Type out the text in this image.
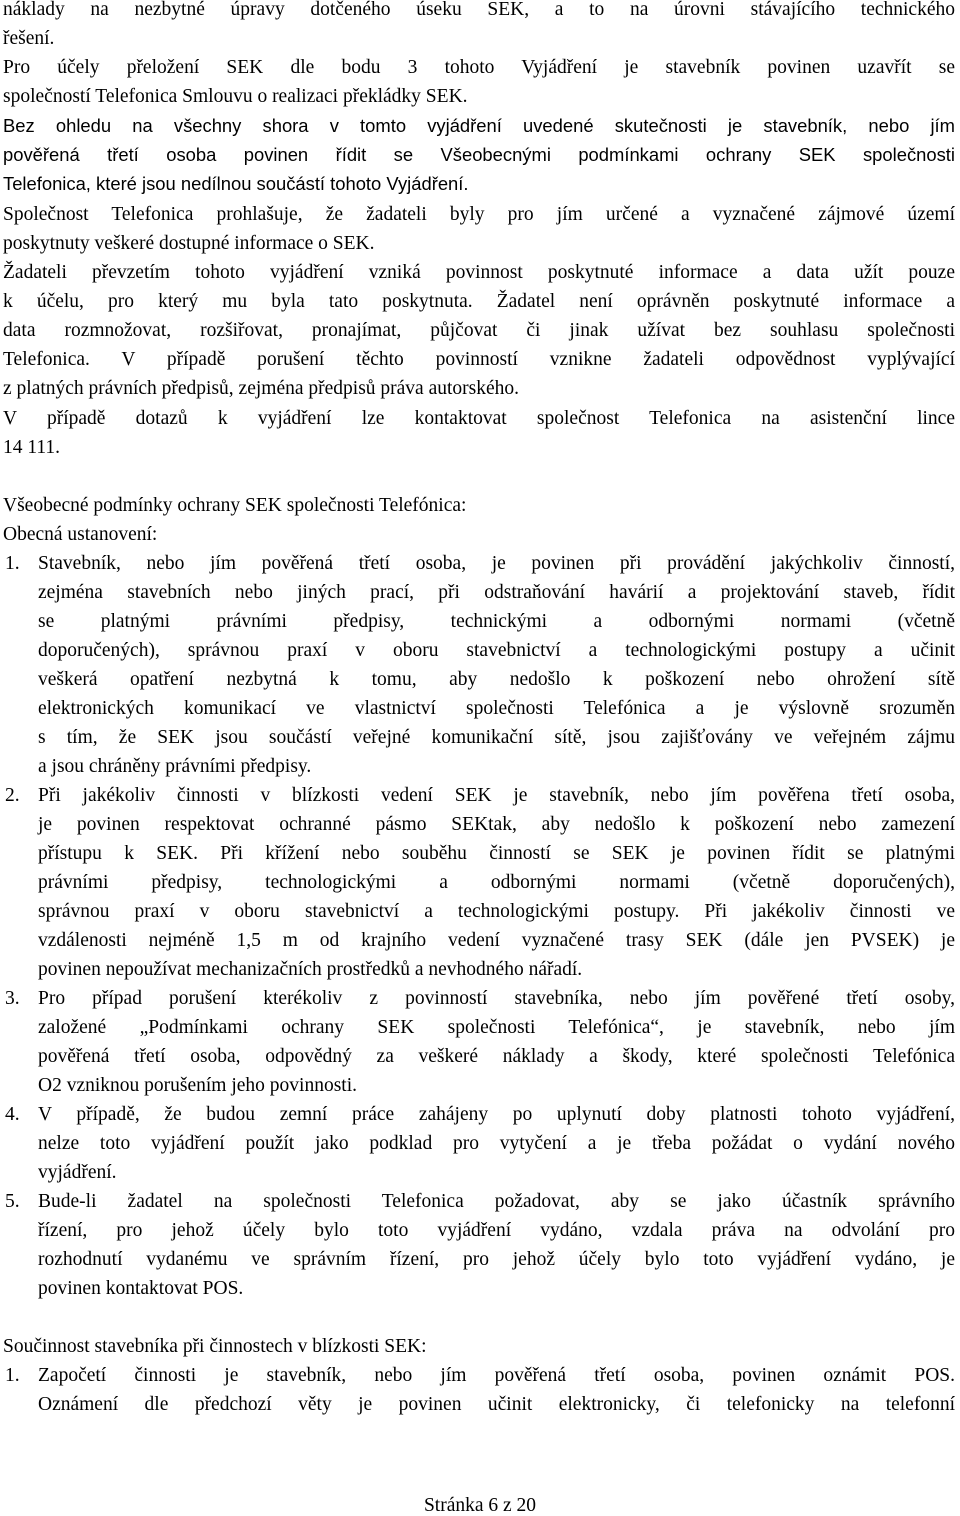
náklady na nezbytné úpravy dotčeného úseku SEK, a to na úrovni stávajícího technického
řešení.
Pro účely přeložení SEK dle bodu 3 tohoto Vyjádření je stavebník povinen uzavřít se
společností Telefonica Smlouvu o realizaci překládky SEK.
Bez ohledu na všechny shora v tomto vyjádření uvedené skutečnosti je stavebník, nebo jím
pověřená třetí osoba povinen řídit se Všeobecnými podmínkami ochrany SEK společnosti
Telefonica, které jsou nedílnou součástí tohoto Vyjádření.
Společnost Telefonica prohlašuje, že žadateli byly pro jím určené a vyznačené zájmové území
poskytnuty veškeré dostupné informace o SEK.
Žadateli převzetím tohoto vyjádření vzniká povinnost poskytnuté informace a data užít pouze
k účelu, pro který mu byla tato poskytnuta. Žadatel není oprávněn poskytnuté informace a
data rozmnožovat, rozšiřovat, pronajímat, půjčovat či jinak užívat bez souhlasu společnosti
Telefonica. V případě porušení těchto povinností vznikne žadateli odpovědnost vyplývající
z platných právních předpisů, zejména předpisů práva autorského.
V případě dotazů k vyjádření lze kontaktovat společnost Telefonica na asistenční lince
14 111.
Všeobecné podmínky ochrany SEK společnosti Telefónica:
Obecná ustanovení:
1. Stavebník, nebo jím pověřená třetí osoba, je povinen při provádění jakýchkoliv činností,
zejména stavebních nebo jiných prací, při odstraňování havárií a projektování staveb, řídit
se platnými právními předpisy, technickými a odbornými normami (včetně
doporučených), správnou praxí v oboru stavebnictví a technologickými postupy a učinit
veškerá opatření nezbytná k tomu, aby nedošlo k poškození nebo ohrožení sítě
elektronických komunikací ve vlastnictví společnosti Telefónica a je výslovně srozuměn
s tím, že SEK jsou součástí veřejné komunikační sítě, jsou zajišťovány ve veřejném zájmu
a jsou chráněny právními předpisy.
2. Při jakékoliv činnosti v blízkosti vedení SEK je stavebník, nebo jím pověřena třetí osoba,
je povinen respektovat ochranné pásmo SEKtak, aby nedošlo k poškození nebo zamezení
přístupu k SEK. Při křížení nebo souběhu činností se SEK je povinen řídit se platnými
právními předpisy, technologickými a odbornými normami (včetně doporučených),
správnou praxí v oboru stavebnictví a technologickými postupy. Při jakékoliv činnosti ve
vzdálenosti nejméně 1,5 m od krajního vedení vyznačené trasy SEK (dále jen PVSEK) je
povinen nepoužívat mechanizačních prostředků a nevhodného nářadí.
3. Pro případ porušení kterékoliv z povinností stavebníka, nebo jím pověřené třetí osoby,
založené „Podmínkami ochrany SEK společnosti Telefónica“, je stavebník, nebo jím
pověřená třetí osoba, odpovědný za veškeré náklady a škody, které společnosti Telefónica
O2 vzniknou porušením jeho povinnosti.
4. V případě, že budou zemní práce zahájeny po uplynutí doby platnosti tohoto vyjádření,
nelze toto vyjádření použít jako podklad pro vytyčení a je třeba požádat o vydání nového
vyjádření.
5. Bude-li žadatel na společnosti Telefonica požadovat, aby se jako účastník správního
řízení, pro jehož účely bylo toto vyjádření vydáno, vzdala práva na odvolání pro
rozhodnutí vydanému ve správním řízení, pro jehož účely bylo toto vyjádření vydáno, je
povinen kontaktovat POS.
Součinnost stavebníka při činnostech v blízkosti SEK:
1. Započetí činnosti je stavebník, nebo jím pověřená třetí osoba, povinen oznámit POS.
Oznámení dle předchozí věty je povinen učinit elektronicky, či telefonicky na telefonní
Stránka 6 z 20
